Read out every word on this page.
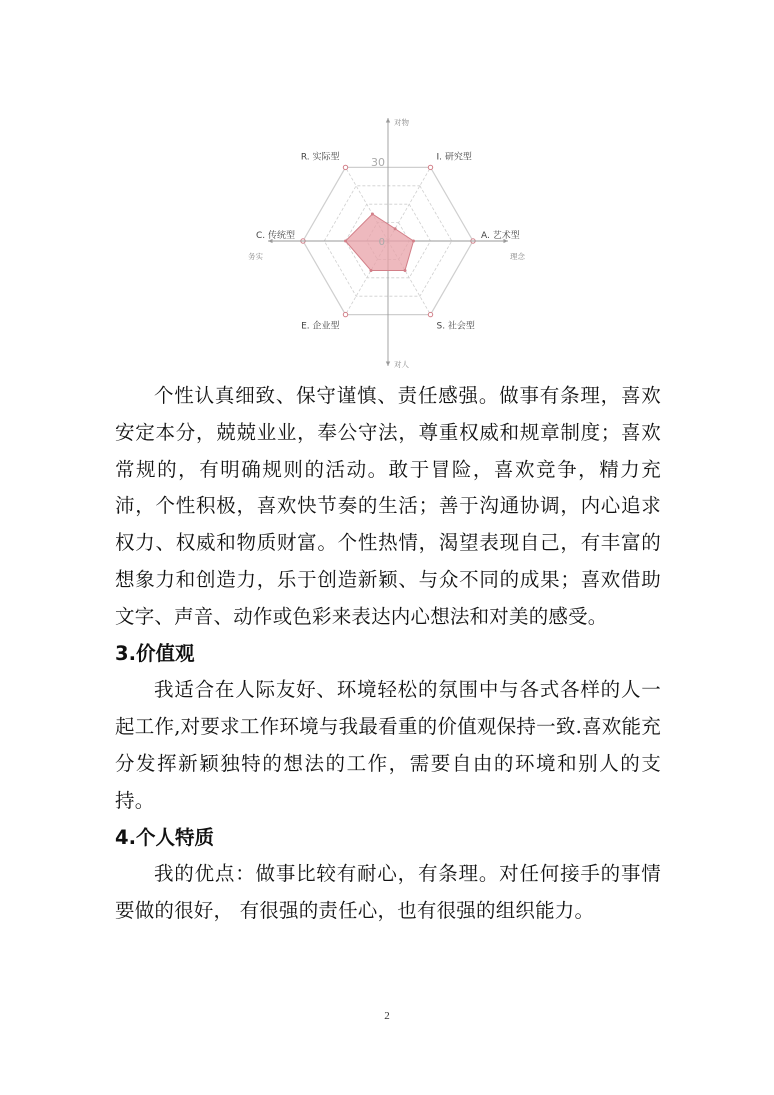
I. 研究型
A. 艺术型
S. 社会型
E. 企业型
C. 传统型
R. 实际型	30
0
对物
对人
务实	理念

个性认真细致、保守谨慎、责任感强。做事有条理，喜欢安定本分，兢兢业业，奉公守法，尊重权威和规章制度；喜欢常规的，有明确规则的活动。敢于冒险，喜欢竞争，精力充沛，个性积极，喜欢快节奏的生活；善于沟通协调，内心追求权力、权威和物质财富。个性热情，渴望表现自己，有丰富的想象力和创造力，乐于创造新颖、与众不同的成果；喜欢借助文字、声音、动作或色彩来表达内心想法和对美的感受。

3.价值观

我适合在人际友好、环境轻松的氛围中与各式各样的人一起工作,对要求工作环境与我最看重的价值观保持一致.喜欢能充分发挥新颖独特的想法的工作，需要自由的环境和别人的支持。

4.个人特质

我的优点：做事比较有耐心，有条理。对任何接手的事情要做的很好， 有很强的责任心，也有很强的组织能力。

2
